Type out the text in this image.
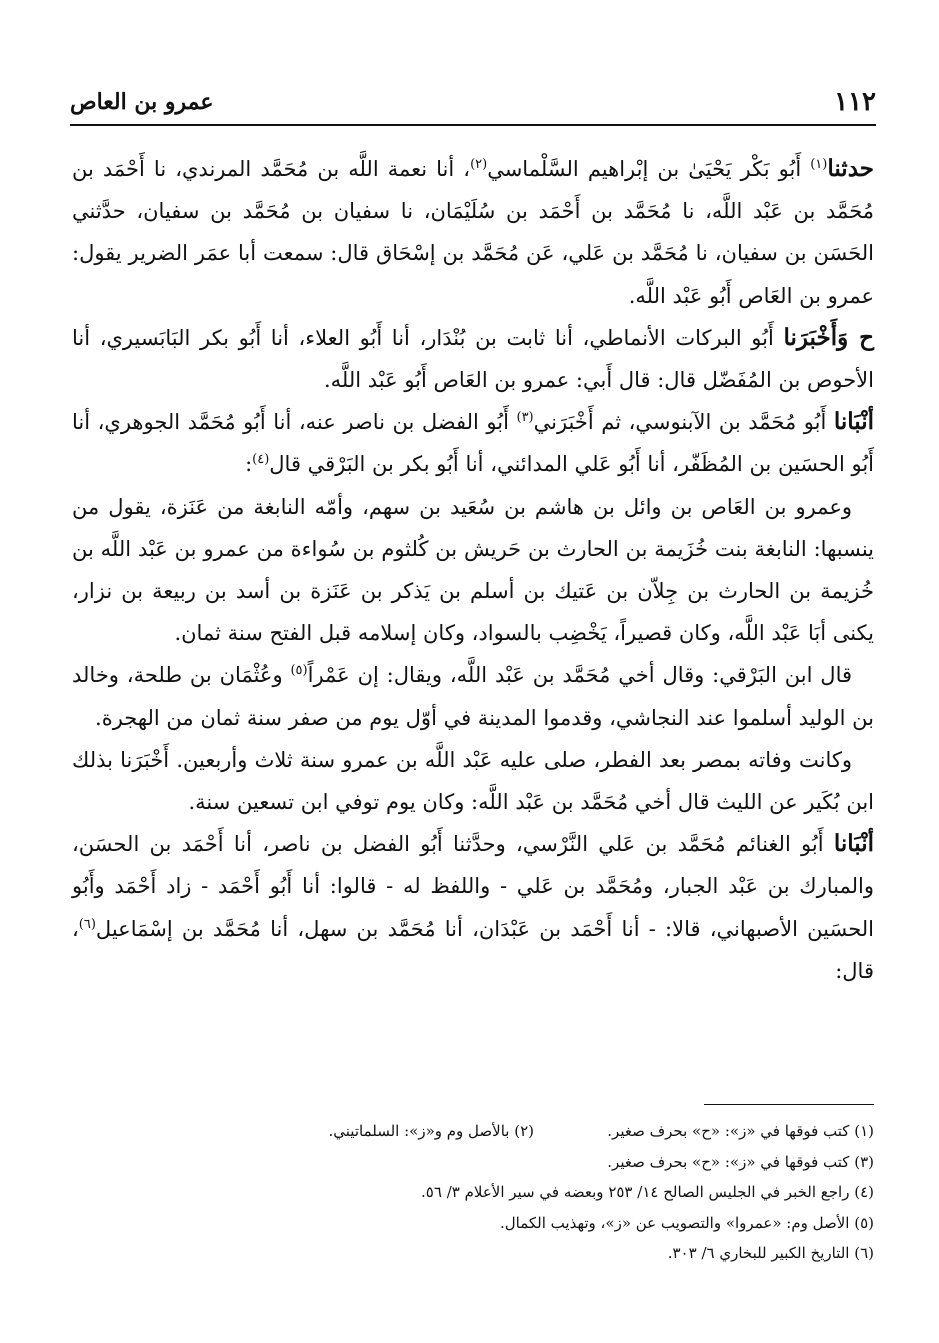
١١٢
عمرو بن العاص

حدثنا$^{(١)}$ أَبُو بَكْر يَحْيَىٰ بن إبْراهيم السَّلْماسي$^{(٢)}$، أنا نعمة اللَّه بن مُحَمَّد المرندي، نا أَحْمَد بن مُحَمَّد بن عَبْد اللَّه، نا مُحَمَّد بن أَحْمَد بن سُلَيْمَان، نا سفيان بن مُحَمَّد بن سفيان، حدَّثني الحَسَن بن سفيان، نا مُحَمَّد بن عَلي، عَن مُحَمَّد بن إسْحَاق قال: سمعت أبا عمَر الضرير يقول: عمرو بن العَاص أَبُو عَبْد اللَّه.

ح وَأَخْبَرَنا أَبُو البركات الأنماطي، أنا ثابت بن بُنْدَار، أنا أَبُو العلاء، أنا أَبُو بكر البَابَسيري، أنا الأحوص بن المُفَضّل قال: قال أَبي: عمرو بن العَاص أَبُو عَبْد اللَّه.

أنْبَانا أَبُو مُحَمَّد بن الآبنوسي، ثم أَخْبَرَني$^{(٣)}$ أَبُو الفضل بن ناصر عنه، أنا أَبُو مُحَمَّد الجوهري، أنا أَبُو الحسَين بن المُظَفّر، أنا أَبُو عَلي المدائني، أنا أَبُو بكر بن البَرْقي قال$^{(٤)}$:

وعمرو بن العَاص بن وائل بن هاشم بن سُعَيد بن سهم، وأمّه النابغة من عَنَزة، يقول من ينسبها: النابغة بنت خُزَيمة بن الحارث بن حَريش بن كُلثوم بن سُواءة من عمرو بن عَبْد اللَّه بن خُزيمة بن الحارث بن جِلاّن بن عَتيك بن أسلم بن يَذكر بن عَنَزة بن أسد بن ربيعة بن نزار، يكنى أبَا عَبْد اللَّه، وكان قصيراً، يَخْضِب بالسواد، وكان إسلامه قبل الفتح سنة ثمان.

قال ابن البَرْقي: وقال أخي مُحَمَّد بن عَبْد اللَّه، ويقال: إن عَمْراً$^{(٥)}$ وعُثْمَان بن طلحة، وخالد بن الوليد أسلموا عند النجاشي، وقدموا المدينة في أوّل يوم من صفر سنة ثمان من الهجرة.

وكانت وفاته بمصر بعد الفطر، صلى عليه عَبْد اللَّه بن عمرو سنة ثلاث وأربعين. أَخْبَرَنا بذلك ابن بُكَير عن الليث قال أخي مُحَمَّد بن عَبْد اللَّه: وكان يوم توفي ابن تسعين سنة.

أنْبَانا أَبُو الغنائم مُحَمَّد بن عَلي النَّرْسي، وحدَّثنا أَبُو الفضل بن ناصر، أنا أَحْمَد بن الحسَن، والمبارك بن عَبْد الجبار، ومُحَمَّد بن عَلي - واللفظ له - قالوا: أنا أَبُو أَحْمَد - زاد أَحْمَد وأَبُو الحسَين الأصبهاني، قالا: - أنا أَحْمَد بن عَبْدَان، أنا مُحَمَّد بن سهل، أنا مُحَمَّد بن إسْمَاعيل$^{(٦)}$، قال:

(١) كتب فوقها في «ز»: «ح» بحرف صغير.
(٢) بالأصل وم و«ز»: السلماتيني.
(٣) كتب فوقها في «ز»: «ح» بحرف صغير.
(٤) راجع الخبر في الجليس الصالح ١٤/ ٢٥٣ وبعضه في سير الأعلام ٣/ ٥٦.
(٥) الأصل وم: «عمروا» والتصويب عن «ز»، وتهذيب الكمال.
(٦) التاريخ الكبير للبخاري ٦/ ٣٠٣.
